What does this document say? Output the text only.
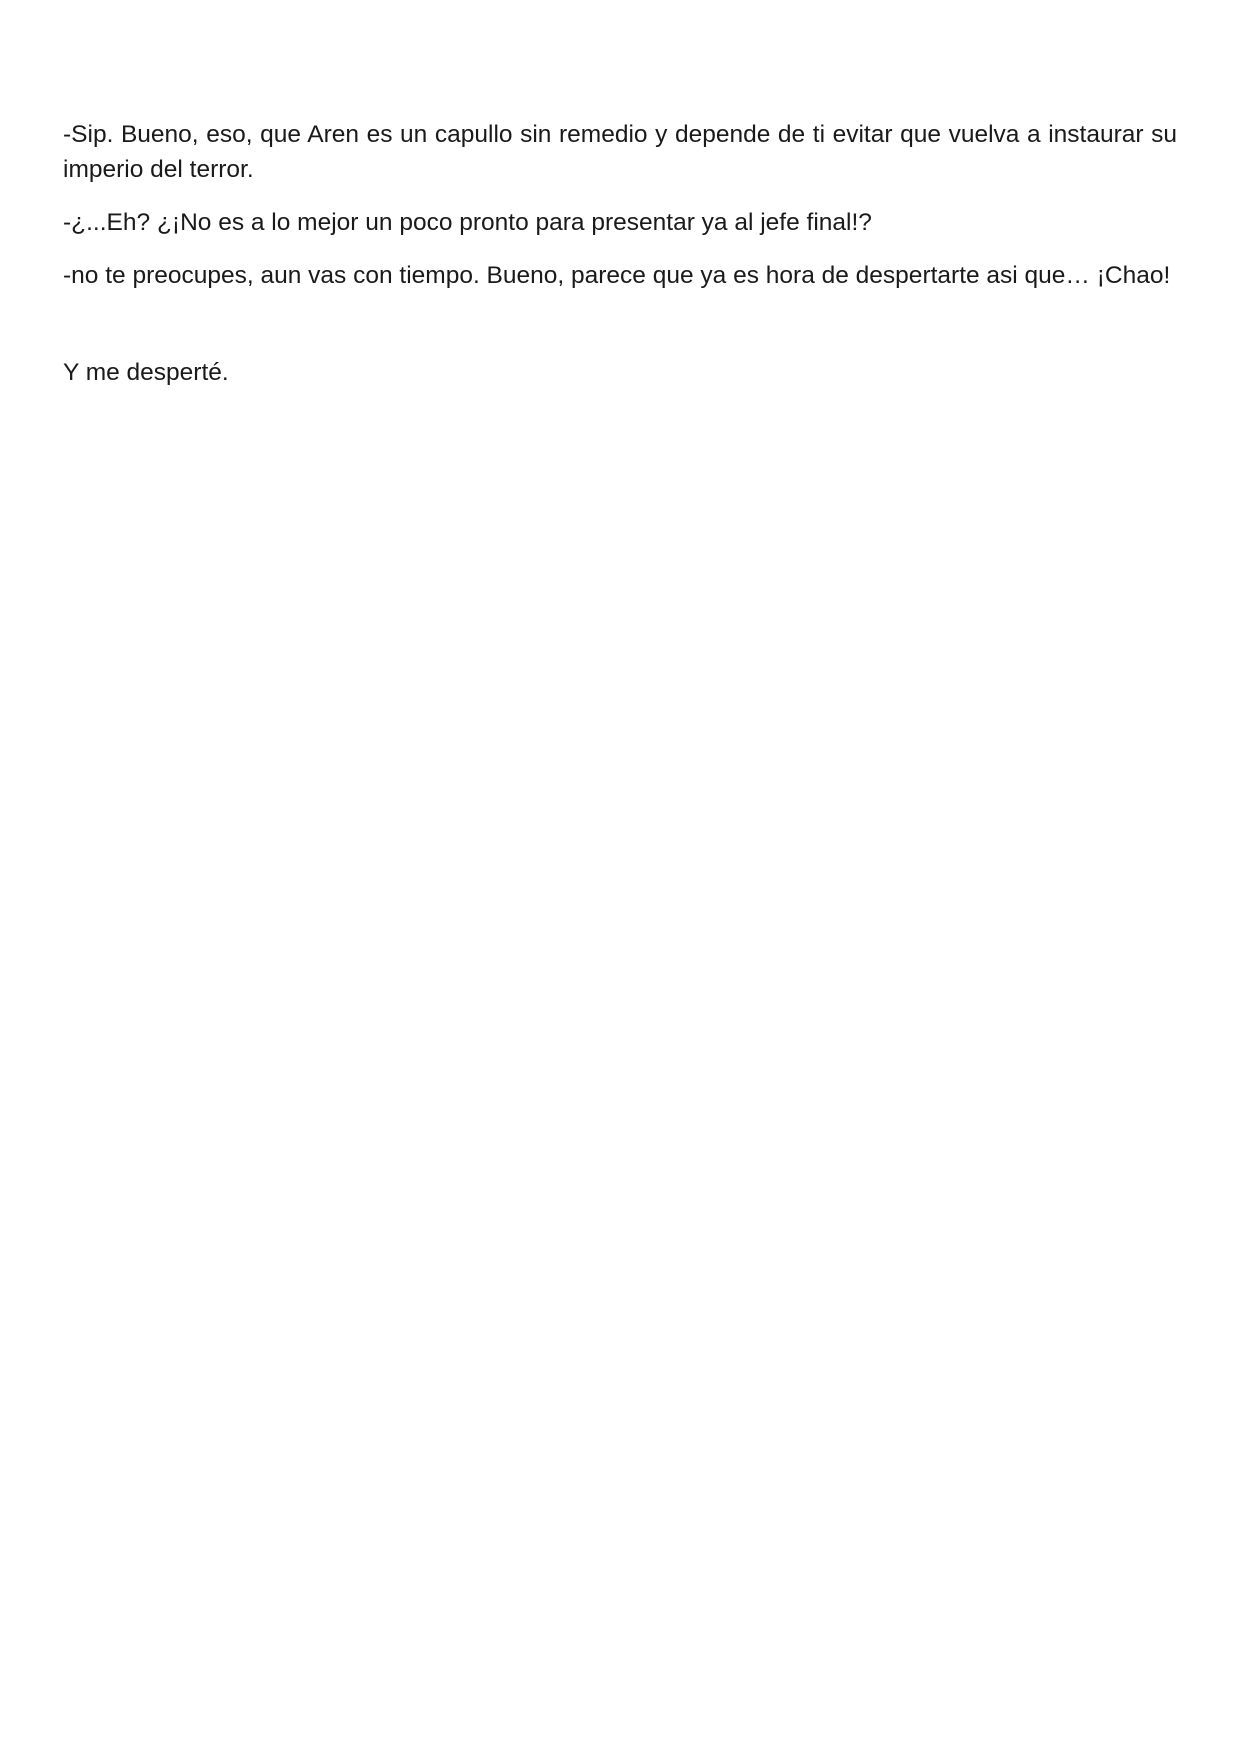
-Sip. Bueno, eso, que Aren es un capullo sin remedio y depende de ti evitar que vuelva a instaurar su imperio del terror.

-¿...Eh? ¿¡No es a lo mejor un poco pronto para presentar ya al jefe final!?

-no te preocupes, aun vas con tiempo. Bueno, parece que ya es hora de despertarte asi que… ¡Chao!

Y me desperté.
